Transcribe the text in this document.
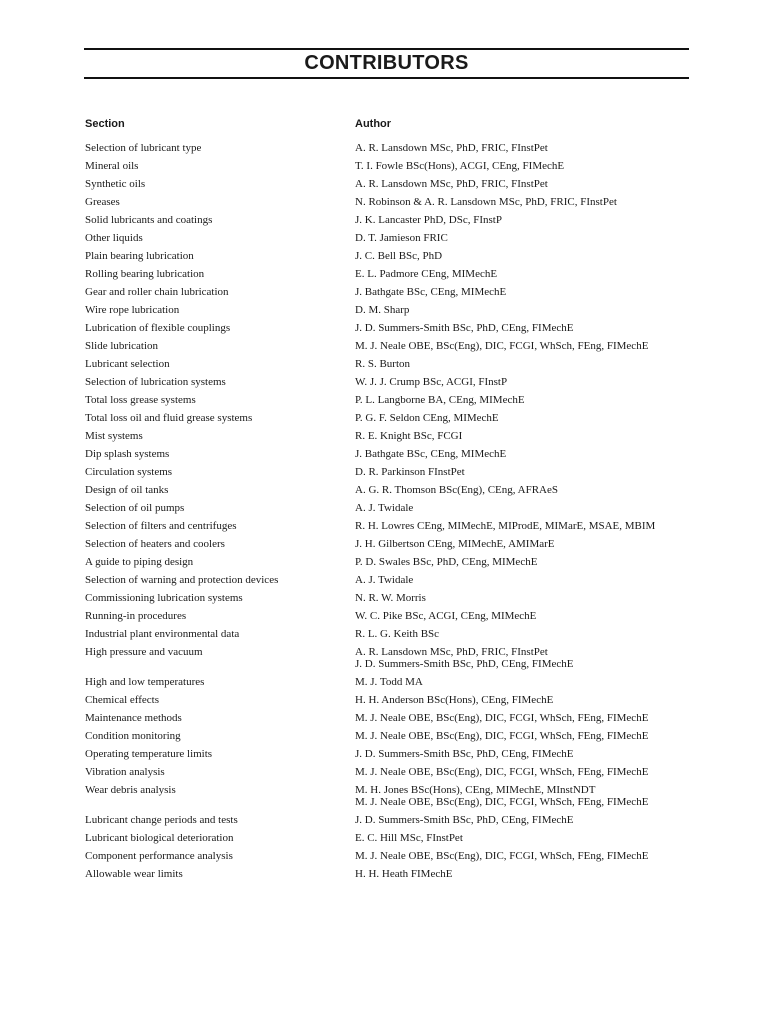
CONTRIBUTORS
Section	Author
Selection of lubricant type	A. R. Lansdown MSc, PhD, FRIC, FInstPet
Mineral oils	T. I. Fowle BSc(Hons), ACGI, CEng, FIMechE
Synthetic oils	A. R. Lansdown MSc, PhD, FRIC, FInstPet
Greases	N. Robinson & A. R. Lansdown MSc, PhD, FRIC, FInstPet
Solid lubricants and coatings	J. K. Lancaster PhD, DSc, FInstP
Other liquids	D. T. Jamieson FRIC
Plain bearing lubrication	J. C. Bell BSc, PhD
Rolling bearing lubrication	E. L. Padmore CEng, MIMechE
Gear and roller chain lubrication	J. Bathgate BSc, CEng, MIMechE
Wire rope lubrication	D. M. Sharp
Lubrication of flexible couplings	J. D. Summers-Smith BSc, PhD, CEng, FIMechE
Slide lubrication	M. J. Neale OBE, BSc(Eng), DIC, FCGI, WhSch, FEng, FIMechE
Lubricant selection	R. S. Burton
Selection of lubrication systems	W. J. J. Crump BSc, ACGI, FInstP
Total loss grease systems	P. L. Langborne BA, CEng, MIMechE
Total loss oil and fluid grease systems	P. G. F. Seldon CEng, MIMechE
Mist systems	R. E. Knight BSc, FCGI
Dip splash systems	J. Bathgate BSc, CEng, MIMechE
Circulation systems	D. R. Parkinson FInstPet
Design of oil tanks	A. G. R. Thomson BSc(Eng), CEng, AFRAeS
Selection of oil pumps	A. J. Twidale
Selection of filters and centrifuges	R. H. Lowres CEng, MIMechE, MIProdE, MIMarE, MSAE, MBIM
Selection of heaters and coolers	J. H. Gilbertson CEng, MIMechE, AMIMarE
A guide to piping design	P. D. Swales BSc, PhD, CEng, MIMechE
Selection of warning and protection devices	A. J. Twidale
Commissioning lubrication systems	N. R. W. Morris
Running-in procedures	W. C. Pike BSc, ACGI, CEng, MIMechE
Industrial plant environmental data	R. L. G. Keith BSc
High pressure and vacuum	A. R. Lansdown MSc, PhD, FRIC, FInstPet
J. D. Summers-Smith BSc, PhD, CEng, FIMechE
High and low temperatures	M. J. Todd MA
Chemical effects	H. H. Anderson BSc(Hons), CEng, FIMechE
Maintenance methods	M. J. Neale OBE, BSc(Eng), DIC, FCGI, WhSch, FEng, FIMechE
Condition monitoring	M. J. Neale OBE, BSc(Eng), DIC, FCGI, WhSch, FEng, FIMechE
Operating temperature limits	J. D. Summers-Smith BSc, PhD, CEng, FIMechE
Vibration analysis	M. J. Neale OBE, BSc(Eng), DIC, FCGI, WhSch, FEng, FIMechE
Wear debris analysis	M. H. Jones BSc(Hons), CEng, MIMechE, MInstNDT
M. J. Neale OBE, BSc(Eng), DIC, FCGI, WhSch, FEng, FIMechE
Lubricant change periods and tests	J. D. Summers-Smith BSc, PhD, CEng, FIMechE
Lubricant biological deterioration	E. C. Hill MSc, FInstPet
Component performance analysis	M. J. Neale OBE, BSc(Eng), DIC, FCGI, WhSch, FEng, FIMechE
Allowable wear limits	H. H. Heath FIMechE
